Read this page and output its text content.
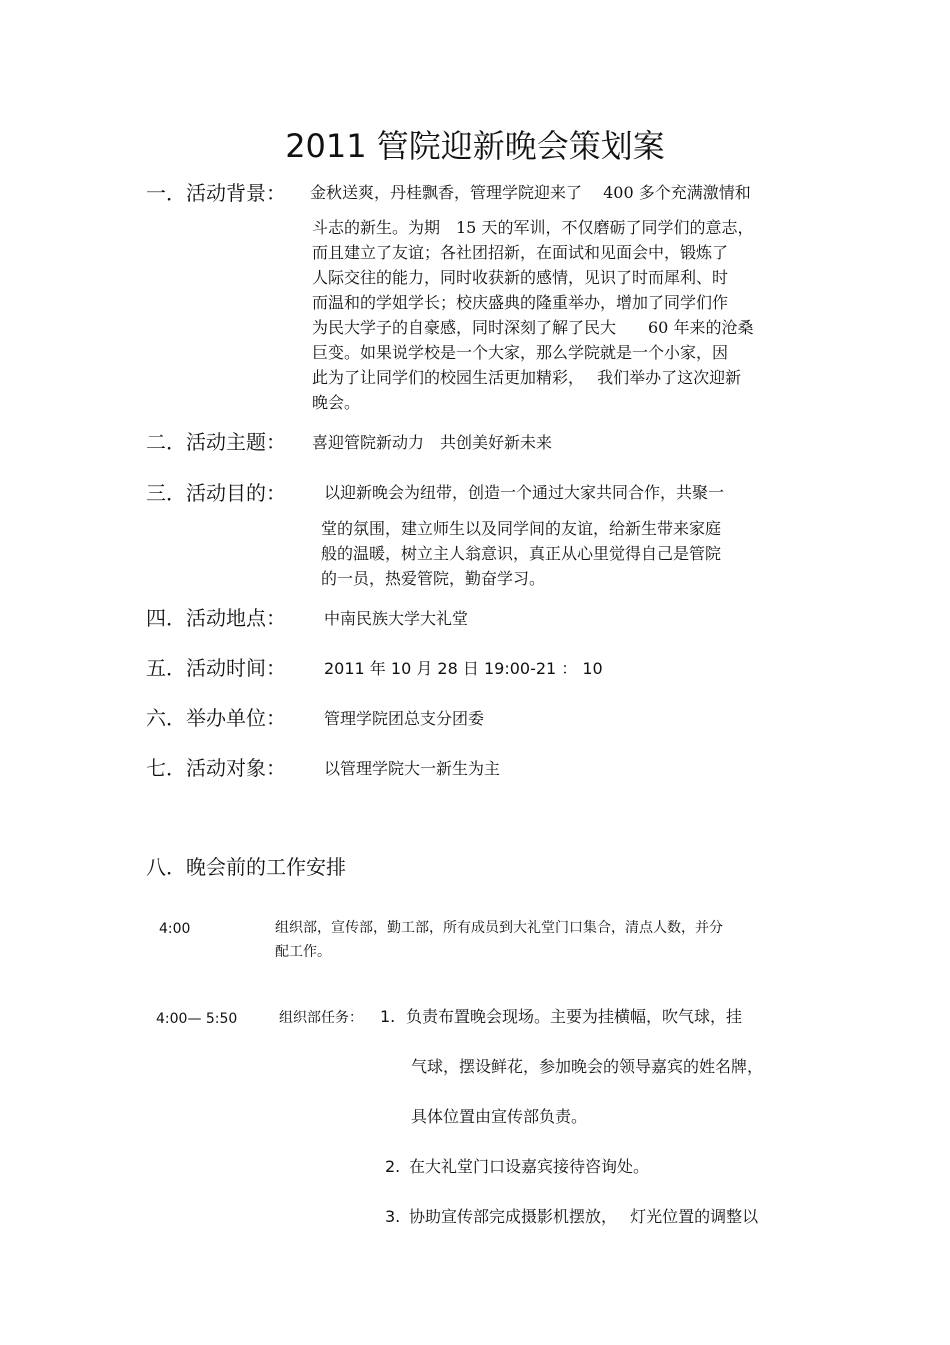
2011 管院迎新晚会策划案
一．活动背景： 金秋送爽，丹桂飘香，管理学院迎来了　 400 多个充满激情和
斗志的新生。为期　15 天的军训，不仅磨砺了同学们的意志，
而且建立了友谊；各社团招新，在面试和见面会中，锻炼了
人际交往的能力，同时收获新的感情，见识了时而犀利、时
而温和的学姐学长；校庆盛典的隆重举办，增加了同学们作
为民大学子的自豪感，同时深刻了解了民大　　60 年来的沧桑
巨变。如果说学校是一个大家，那么学院就是一个小家，因
此为了让同学们的校园生活更加精彩，　 我们举办了这次迎新
晚会。
二．活动主题： 喜迎管院新动力　共创美好新未来
三．活动目的： 以迎新晚会为纽带，创造一个通过大家共同合作，共聚一
堂的氛围，建立师生以及同学间的友谊，给新生带来家庭
般的温暖，树立主人翁意识，真正从心里觉得自己是管院
的一员，热爱管院，勤奋学习。
四．活动地点： 中南民族大学大礼堂
五．活动时间： 2011 年 10 月 28 日 19:00-21 ： 10
六．举办单位： 管理学院团总支分团委
七．活动对象： 以管理学院大一新生为主
八．晚会前的工作安排
4:00	组织部，宣传部，勤工部，所有成员到大礼堂门口集合，清点人数，并分
配工作。
4:00— 5:50	组织部任务： 1. 负责布置晚会现场。主要为挂横幅，吹气球，挂
气球，摆设鲜花，参加晚会的领导嘉宾的姓名牌，
具体位置由宣传部负责。
2. 在大礼堂门口设嘉宾接待咨询处。
3. 协助宣传部完成摄影机摆放，　 灯光位置的调整以
